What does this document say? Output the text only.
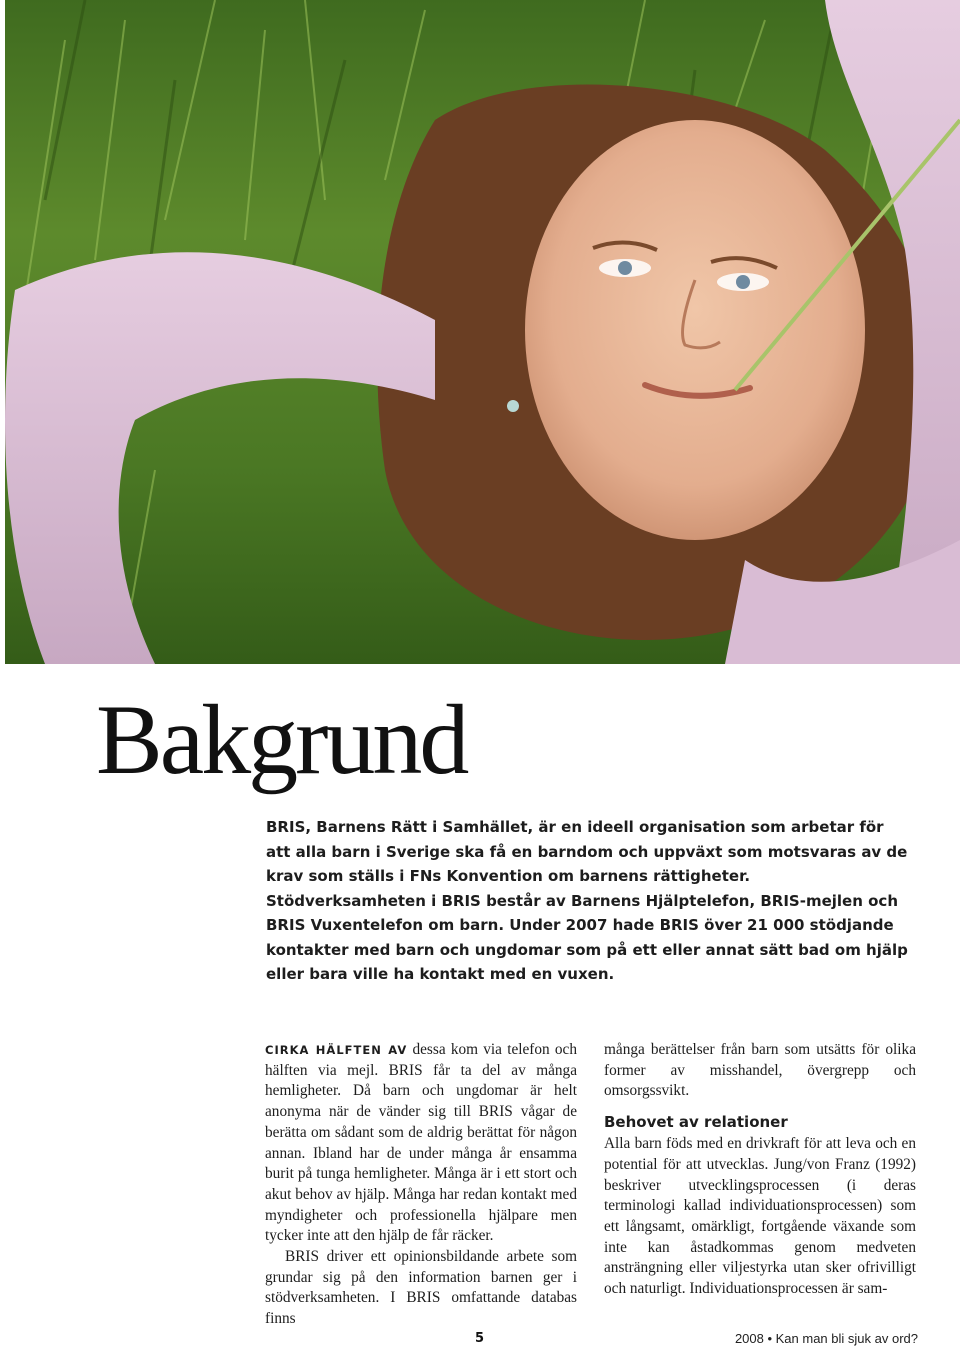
Bakgrund

BRIS, Barnens Rätt i Samhället, är en ideell organisation som arbetar för att alla barn i Sverige ska få en barndom och uppväxt som motsvaras av de krav som ställs i FNs Konvention om barnens rättigheter. Stödverksamheten i BRIS består av Barnens Hjälptelefon, BRIS-mejlen och BRIS Vuxentelefon om barn. Under 2007 hade BRIS över 21 000 stödjande kontakter med barn och ungdomar som på ett eller annat sätt bad om hjälp eller bara ville ha kontakt med en vuxen.

CIRKA HÄLFTEN AV dessa kom via telefon och hälften via mejl. BRIS får ta del av många hemligheter. Då barn och ungdomar är helt anonyma när de vänder sig till BRIS vågar de berätta om sådant som de aldrig berättat för någon annan. Ibland har de under många år ensamma burit på tunga hemligheter. Många är i ett stort och akut behov av hjälp. Många har redan kontakt med myndigheter och professionella hjälpare men tycker inte att den hjälp de får räcker.

BRIS driver ett opinionsbildande arbete som grundar sig på den information barnen ger i stödverksamheten. I BRIS omfattande databas finns

många berättelser från barn som utsätts för olika former av misshandel, övergrepp och omsorgssvikt.

Behovet av relationer

Alla barn föds med en drivkraft för att leva och en potential för att utvecklas. Jung/von Franz (1992) beskriver utvecklingsprocessen (i deras terminologi kallad individuationsprocessen) som ett långsamt, omärkligt, fortgående växande som inte kan åstadkommas genom medveten ansträngning eller viljestyrka utan sker ofrivilligt och naturligt. Individuationsprocessen är sam-

5	2008 • Kan man bli sjuk av ord?
